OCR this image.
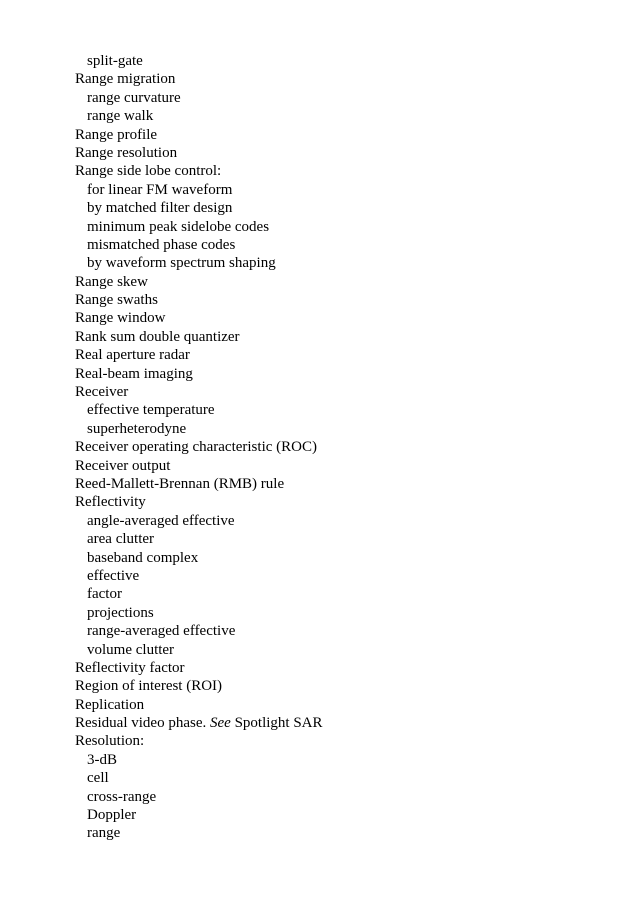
split-gate
Range migration
range curvature
range walk
Range profile
Range resolution
Range side lobe control:
for linear FM waveform
by matched filter design
minimum peak sidelobe codes
mismatched phase codes
by waveform spectrum shaping
Range skew
Range swaths
Range window
Rank sum double quantizer
Real aperture radar
Real-beam imaging
Receiver
effective temperature
superheterodyne
Receiver operating characteristic (ROC)
Receiver output
Reed-Mallett-Brennan (RMB) rule
Reflectivity
angle-averaged effective
area clutter
baseband complex
effective
factor
projections
range-averaged effective
volume clutter
Reflectivity factor
Region of interest (ROI)
Replication
Residual video phase. See Spotlight SAR
Resolution:
3-dB
cell
cross-range
Doppler
range
